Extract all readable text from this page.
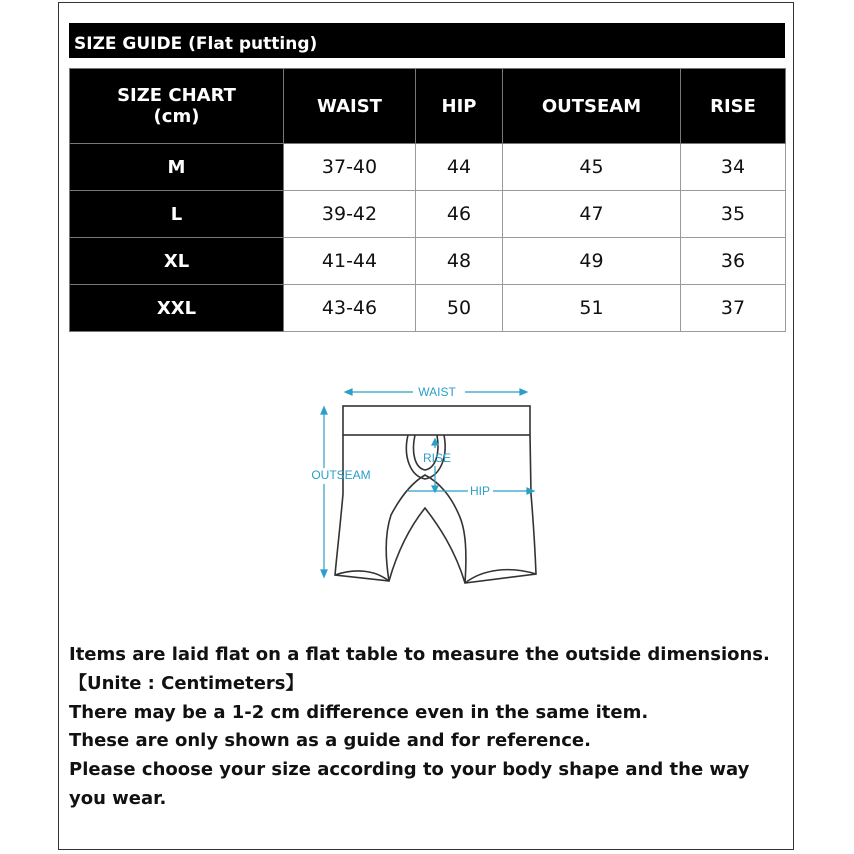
SIZE GUIDE (Flat putting)
SIZE CHART
(cm)	WAIST	HIP	OUTSEAM	RISE
M	37-40	44	45	34
L	39-42	46	47	35
XL	41-44	48	49	36
XXL	43-46	50	51	37
WAIST
OUTSEAM
RISE
HIP

Items are laid flat on a flat table to measure the outside dimensions.

【Unite : Centimeters】

There may be a 1-2 cm difference even in the same item.

These are only shown as a guide and for reference.

Please choose your size according to your body shape and the way you wear.
